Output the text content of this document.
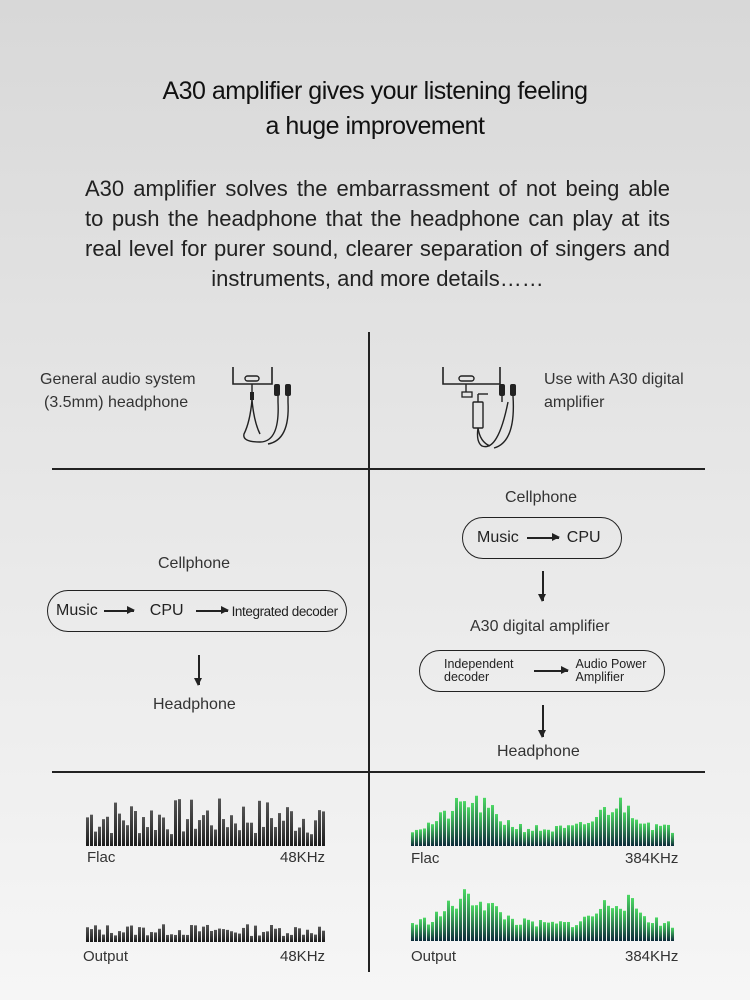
A30 amplifier gives your listening feeling
a huge improvement
A30 amplifier solves the embarrassment of not being able to push the headphone that the headphone can play at its real level for purer sound, clearer separation of singers and instruments, and more details……
General audio system
(3.5mm) headphone
Use with A30 digital
amplifier
Cellphone
Music	CPU	Integrated decoder
Headphone
Cellphone
Music	CPU
A30 digital amplifier
Independent
decoder
Audio Power
Amplifier
Headphone
Flac	48KHz
Output	48KHz
Flac	384KHz
Output	384KHz
